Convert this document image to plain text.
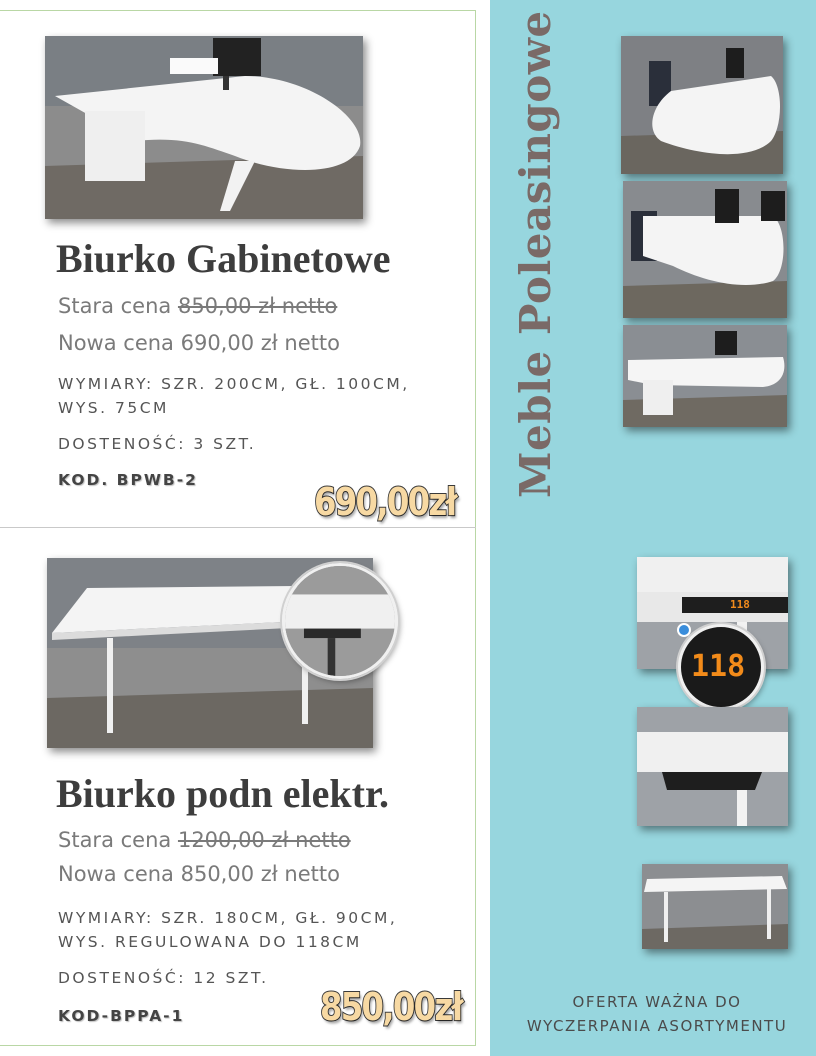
Meble Poleasingowe
Biurko Gabinetowe
Stara cena 850,00 zł netto
Nowa cena 690,00 zł netto
WYMIARY: SZR. 200CM, GŁ. 100CM,
WYS. 75CM
DOSTENOŚĆ: 3 SZT.
KOD. BPWB-2	690,00zł
Biurko podn elektr.
Stara cena 1200,00 zł netto
Nowa cena 850,00 zł netto
WYMIARY: SZR. 180CM, GŁ. 90CM,
WYS. REGULOWANA DO 118CM
DOSTENOŚĆ: 12 SZT.
KOD-BPPA-1	850,00zł
118
118
OFERTA WAŻNA DO
WYCZERPANIA ASORTYMENTU
